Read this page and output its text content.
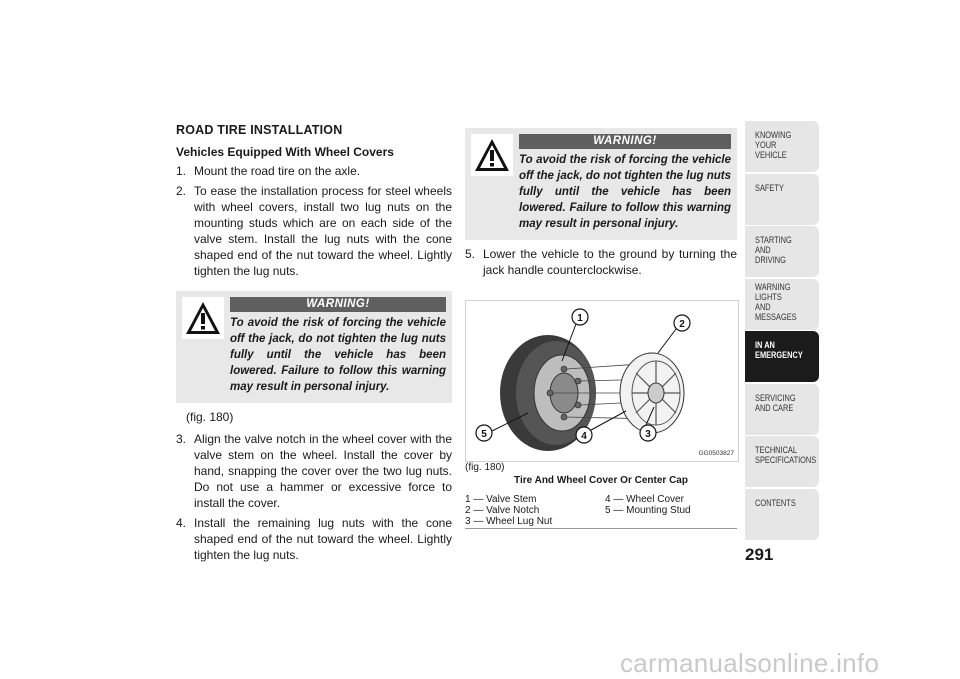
ROAD TIRE INSTALLATION
Vehicles Equipped With Wheel Covers
1. Mount the road tire on the axle.
2. To ease the installation process for steel wheels with wheel covers, install two lug nuts on the mounting studs which are on each side of the valve stem. Install the lug nuts with the cone shaped end of the nut toward the wheel. Lightly tighten the lug nuts.
WARNING!
To avoid the risk of forcing the vehicle off the jack, do not tighten the lug nuts fully until the vehicle has been lowered. Failure to follow this warning may result in personal injury.

(fig. 180)

3. Align the valve notch in the wheel cover with the valve stem on the wheel. Install the cover by hand, snapping the cover over the two lug nuts. Do not use a hammer or excessive force to install the cover.
4. Install the remaining lug nuts with the cone shaped end of the nut toward the wheel. Lightly tighten the lug nuts.
WARNING!
To avoid the risk of forcing the vehicle off the jack, do not tighten the lug nuts fully until the vehicle has been lowered. Failure to follow this warning may result in personal injury.
5. Lower the vehicle to the ground by turning the jack handle counterclockwise.
1
2
3
4
5
GG0503827
(fig. 180)
Tire And Wheel Cover Or Center Cap
1 — Valve Stem	4 — Wheel Cover
2 — Valve Notch	5 — Mounting Stud
3 — Wheel Lug Nut
KNOWING
YOUR
VEHICLE
SAFETY
STARTING
AND
DRIVING
WARNING
LIGHTS
AND
MESSAGES
IN AN
EMERGENCY
SERVICING
AND CARE
TECHNICAL
SPECIFICATIONS
CONTENTS
291
carmanualsonline.info
